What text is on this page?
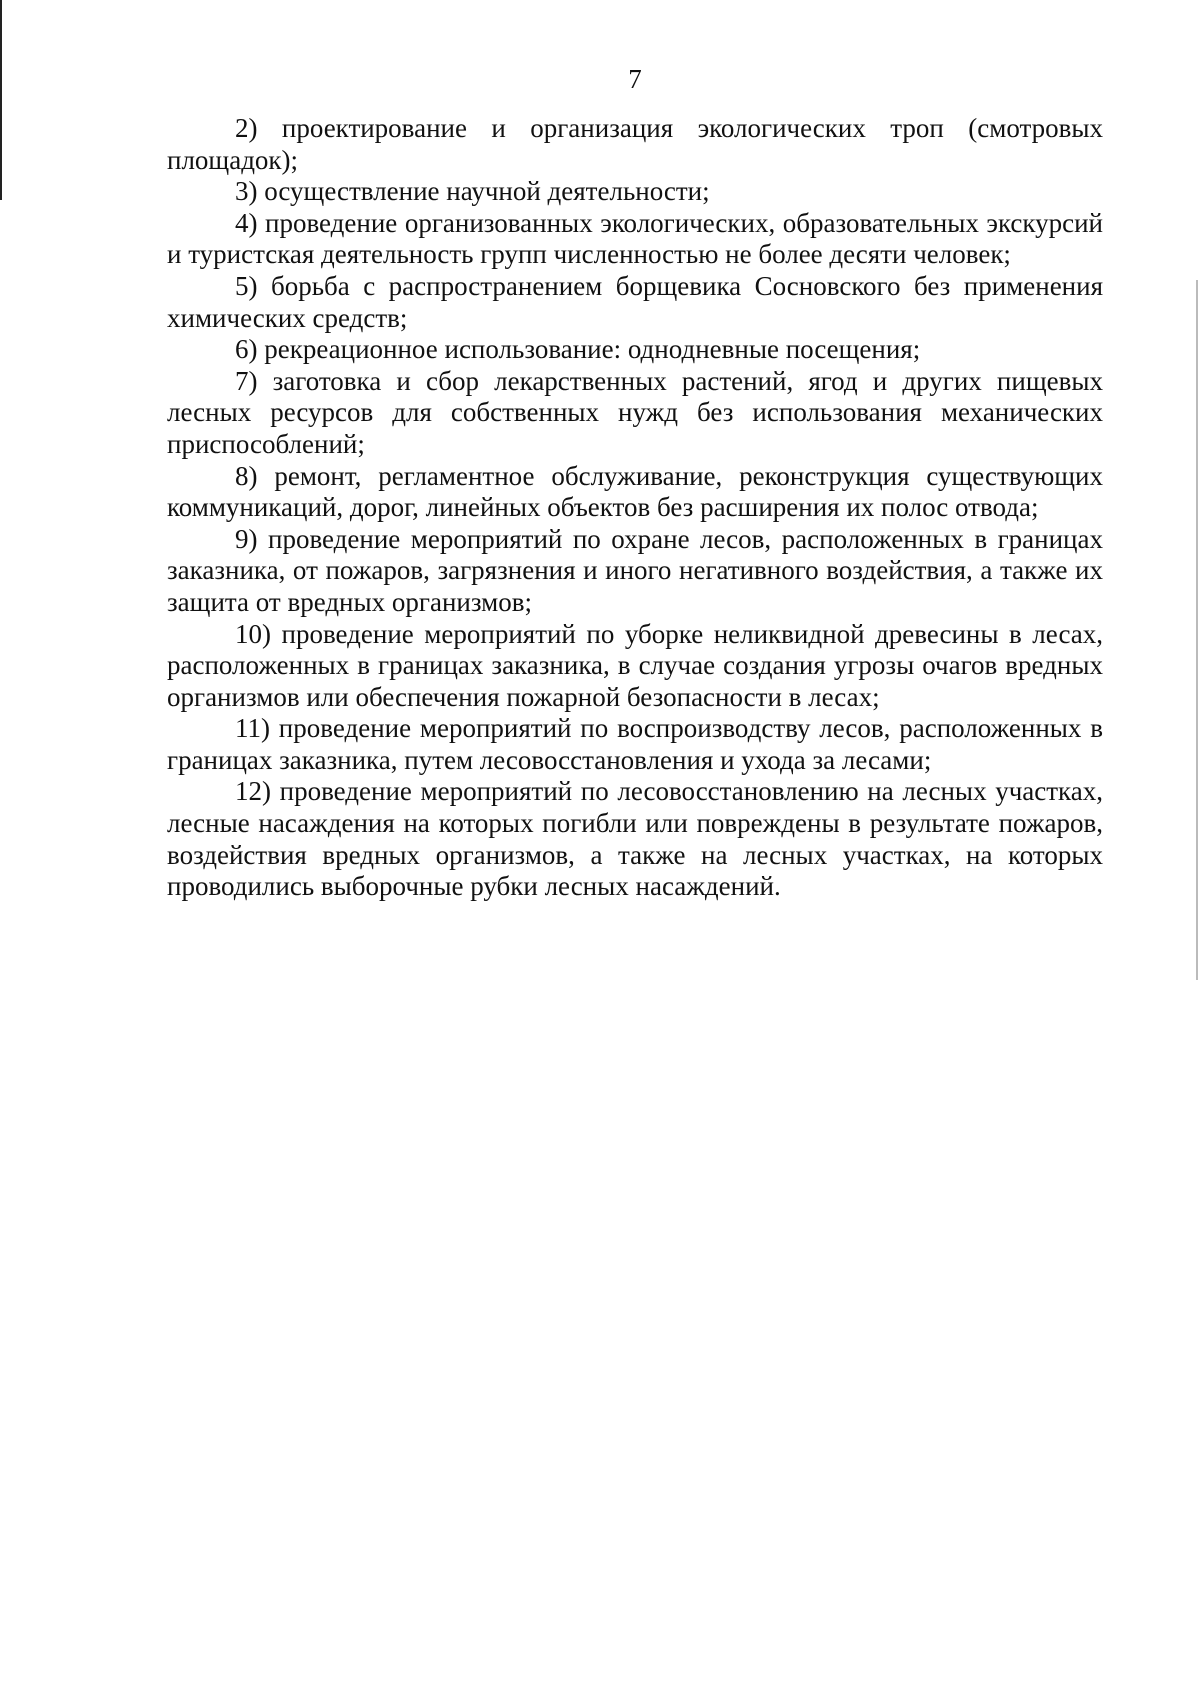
7

2) проектирование и организация экологических троп (смотровых площадок);

3) осуществление научной деятельности;

4) проведение организованных экологических, образовательных экскурсий и туристская деятельность групп численностью не более десяти человек;

5) борьба с распространением борщевика Сосновского без применения химических средств;

6) рекреационное использование: однодневные посещения;

7) заготовка и сбор лекарственных растений, ягод и других пищевых лесных ресурсов для собственных нужд без использования механических приспособлений;

8) ремонт, регламентное обслуживание, реконструкция существующих коммуникаций, дорог, линейных объектов без расширения их полос отвода;

9) проведение мероприятий по охране лесов, расположенных в границах заказника, от пожаров, загрязнения и иного негативного воздействия, а также их защита от вредных организмов;

10) проведение мероприятий по уборке неликвидной древесины в лесах, расположенных в границах заказника, в случае создания угрозы очагов вредных организмов или обеспечения пожарной безопасности в лесах;

11) проведение мероприятий по воспроизводству лесов, расположенных в границах заказника, путем лесовосстановления и ухода за лесами;

12) проведение мероприятий по лесовосстановлению на лесных участках, лесные насаждения на которых погибли или повреждены в результате пожаров, воздействия вредных организмов, а также на лесных участках, на которых проводились выборочные рубки лесных насаждений.
